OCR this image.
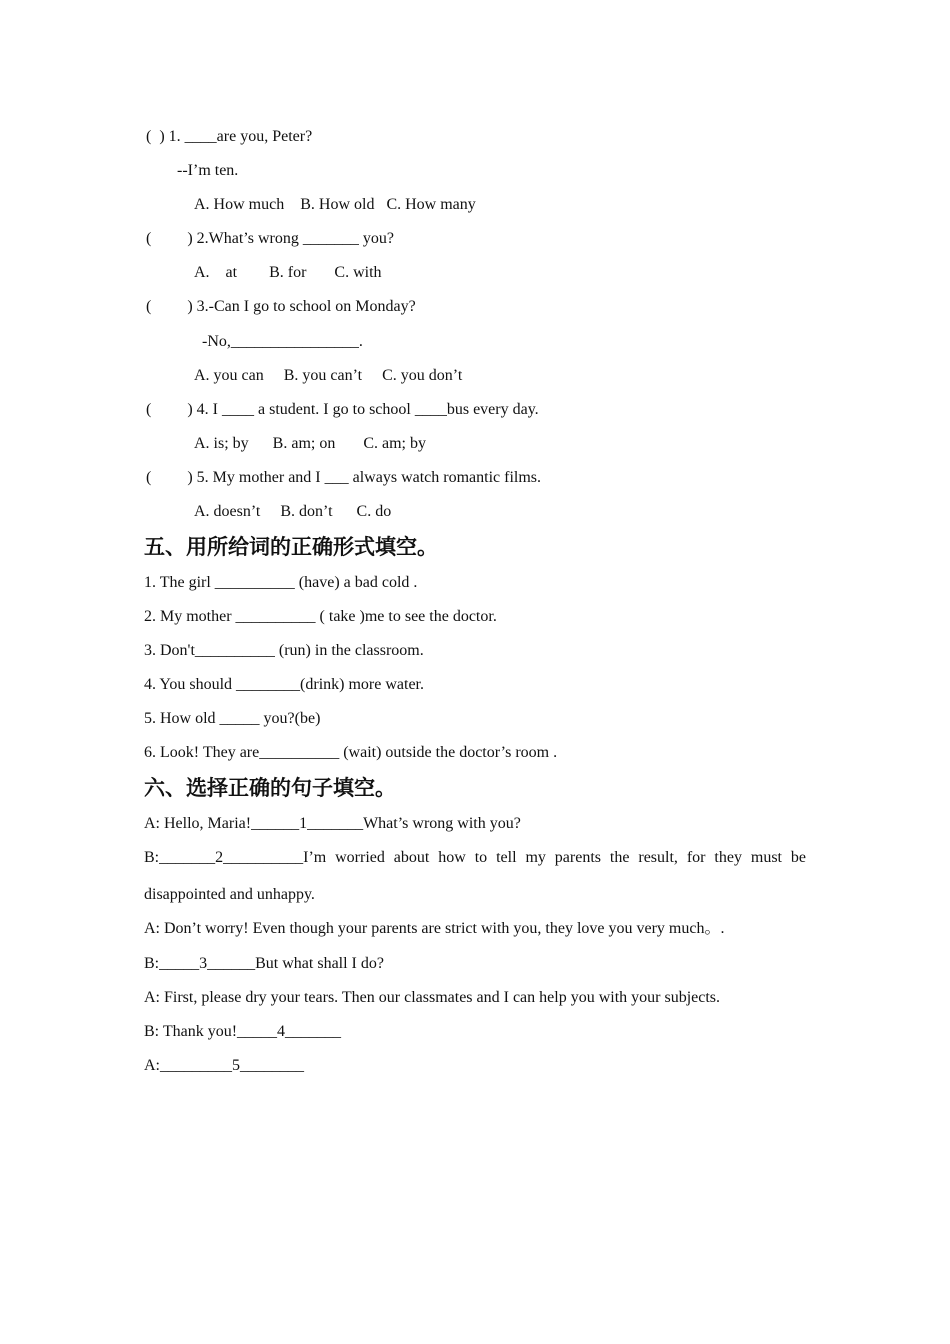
(  ) 1. ____are you, Peter?
--I’m ten.
A. How much    B. How old   C. How many
(         ) 2.What’s wrong _______ you?
A.    at        B. for       C. with
(         ) 3.-Can I go to school on Monday?
-No,________________.
A. you can     B. you can’t     C. you don’t
(         ) 4. I ____ a student. I go to school ____bus every day.
A. is; by      B. am; on       C. am; by
(         ) 5. My mother and I ___ always watch romantic films.
A. doesn’t     B. don’t      C. do
五、用所给词的正确形式填空。
1. The girl __________ (have) a bad cold .
2. My mother __________ ( take )me to see the doctor.
3. Don't__________ (run) in the classroom.
4. You should ________(drink) more water.
5. How old _____ you?(be)
6. Look! They are__________ (wait) outside the doctor’s room .
六、选择正确的句子填空。
A: Hello, Maria!______1_______What’s wrong with you?
B:_______2__________I’m worried about how to tell my parents the result, for they must be
disappointed and unhappy.
A: Don’t worry! Even though your parents are strict with you, they love you very much。.
B:_____3______But what shall I do?
A: First, please dry your tears. Then our classmates and I can help you with your subjects.
B: Thank you!_____4_______
A:_________5________
